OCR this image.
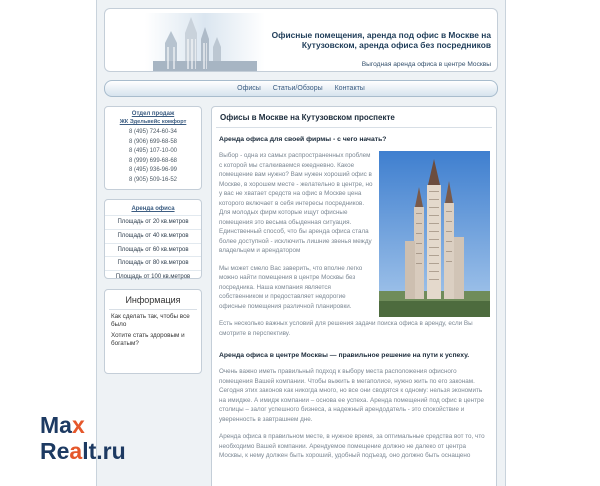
Офисные помещения, аренда под офис в Москве на Кутузовском, аренда офиса без посредников
Выгодная аренда офиса в центре Москвы
Офисы Статьи/Обзоры Контакты
Отдел продаж
ЖК Эдельвейс комфорт
8 (495) 724-60-34
8 (906) 699-68-58
8 (495) 107-10-00
8 (999) 699-68-68
8 (495) 936-96-99
8 (905) 509-16-52
Аренда офиса
Площадь от 20 кв.метров
Площадь от 40 кв.метров
Площадь от 60 кв.метров
Площадь от 80 кв.метров
Площадь от 100 кв.метров
Информация
Как сделать так, чтобы все было
Хотите стать здоровым и богатым?
Офисы в Москве на Кутузовском проспекте
Аренда офиса для своей фирмы - с чего начать?
Выбор - одна из самых распространенных проблем с которой мы сталкиваемся ежедневно. Какое помещение вам нужно? Вам нужен хороший офис в Москве, в хорошем месте - желательно в центре, но у вас не хватает средств на офис в Москве цена которого включает в себя интересы посредников. Для молодых фирм которые ищут офисные помещения это весьма обыденная ситуация. Единственный способ, что бы аренда офиса стала более доступной - исключить лишние звенья между владельцем и арендатором
Мы может смело Вас заверить, что вполне легко можно найти помещения в центре Москвы без посредника. Наша компания является собственником и предоставляет недорогие офисные помещения различной планировки.
Есть несколько важных условий для решения задачи поиска офиса в аренду, если Вы смотрите в перспективу.
Аренда офиса в центре Москвы — правильное решение на пути к успеху.
Очень важно иметь правильный подход к выбору места расположения офисного помещения Вашей компании. Чтобы выжить в мегаполисе, нужно жить по его законам. Сегодня этих законов как никогда много, но все они сводятся к одному: нельзя экономить на имидже. А имидж компании – основа ее успеха. Аренда помещений под офис в центре столицы – залог успешного бизнеса, а надежный арендодатель - это спокойствие и уверенность в завтрашнем дне.
Аренда офиса в правильном месте, в нужное время, за оптимальные средства вот то, что необходимо Вашей компании. Арендуемое помещение должно не далеко от центра Москвы, к нему должен быть хороший, удобный подъезд, оно должно быть оснащено
Max
Realt.ru
